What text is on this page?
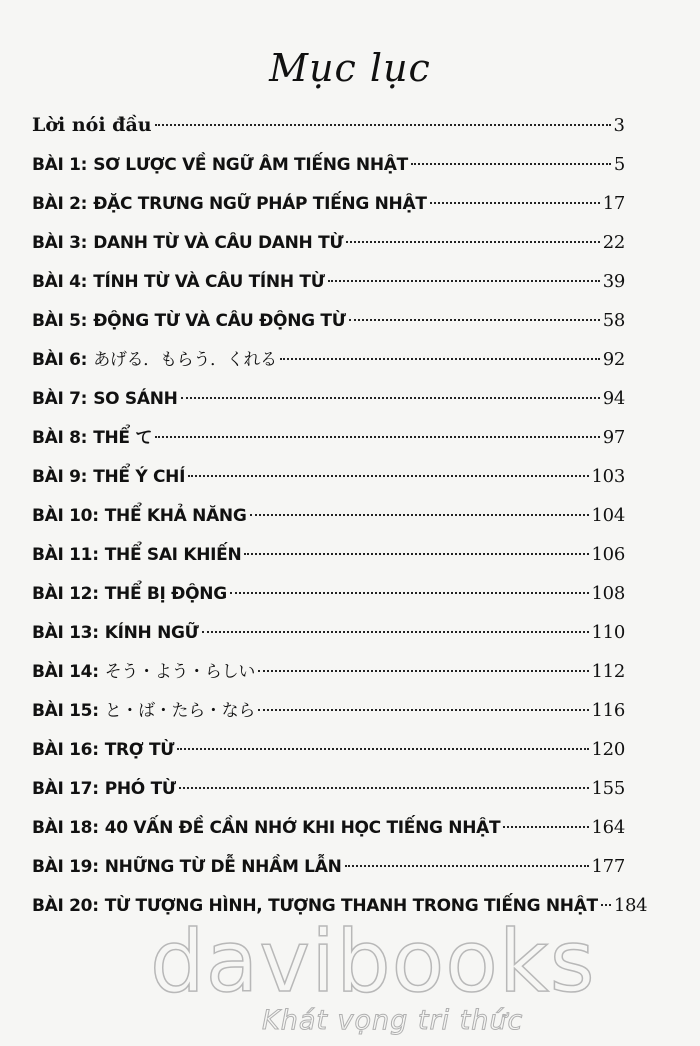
Mục lục
Lời nói đầu	3
BÀI 1: SƠ LƯỢC VỀ NGỮ ÂM TIẾNG NHẬT	5
BÀI 2: ĐẶC TRƯNG NGỮ PHÁP TIẾNG NHẬT	17
BÀI 3: DANH TỪ VÀ CÂU DANH TỪ	22
BÀI 4: TÍNH TỪ VÀ CÂU TÍNH TỪ	39
BÀI 5: ĐỘNG TỪ VÀ CÂU ĐỘNG TỪ	58
BÀI 6: あげる．もらう．くれる	92
BÀI 7: SO SÁNH	94
BÀI 8: THỂ て	97
BÀI 9: THỂ Ý CHÍ	103
BÀI 10: THỂ KHẢ NĂNG	104
BÀI 11: THỂ SAI KHIẾN	106
BÀI 12: THỂ BỊ ĐỘNG	108
BÀI 13: KÍNH NGỮ	110
BÀI 14: そう・よう・らしい	112
BÀI 15: と・ば・たら・なら	116
BÀI 16: TRỢ TỪ	120
BÀI 17: PHÓ TỪ	155
BÀI 18: 40 VẤN ĐỀ CẦN NHỚ KHI HỌC TIẾNG NHẬT	164
BÀI 19: NHỮNG TỪ DỄ NHẦM LẪN	177
BÀI 20: TỪ TƯỢNG HÌNH, TƯỢNG THANH TRONG TIẾNG NHẬT 184
davibooks
Khát vọng tri thức
